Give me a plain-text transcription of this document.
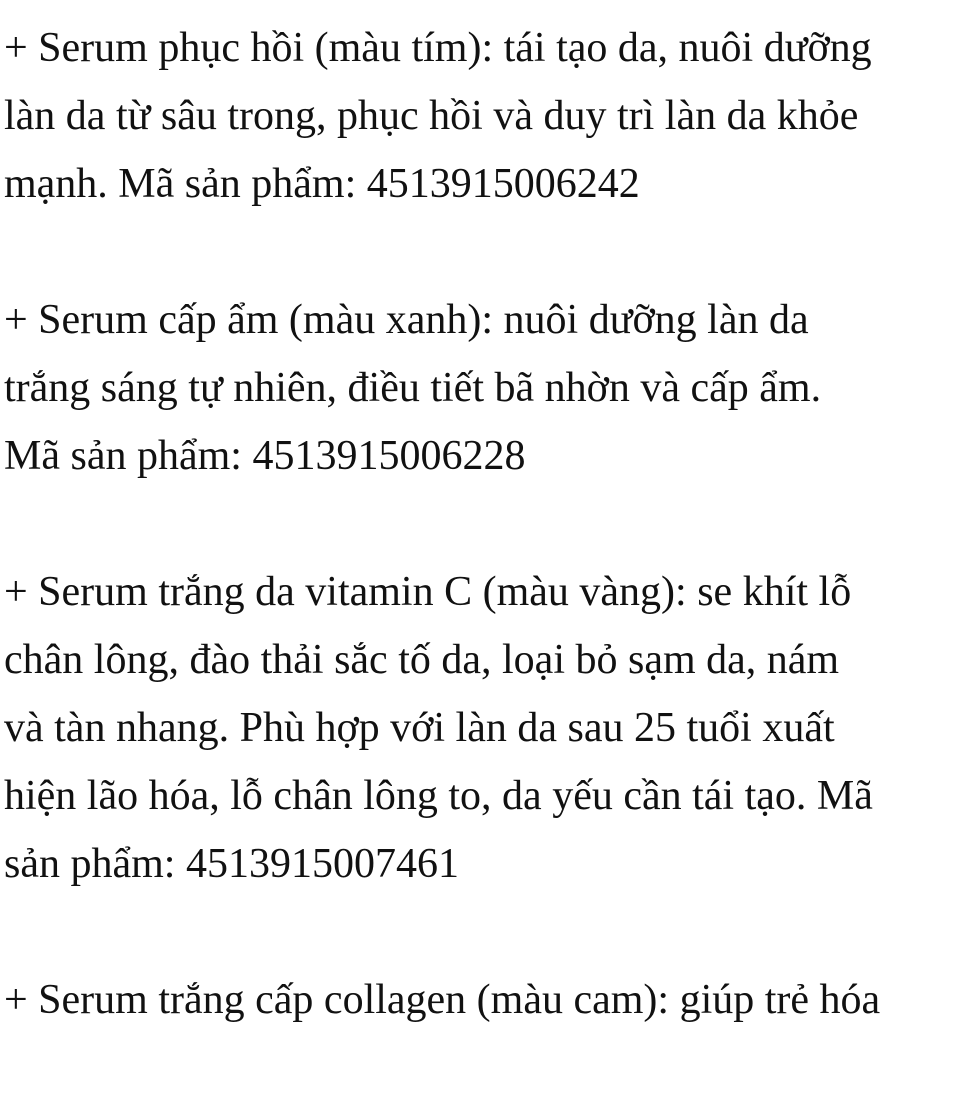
+ Serum phục hồi (màu tím): tái tạo da, nuôi dưỡng
làn da từ sâu trong, phục hồi và duy trì làn da khỏe
mạnh. Mã sản phẩm: 4513915006242

+ Serum cấp ẩm (màu xanh): nuôi dưỡng làn da
trắng sáng tự nhiên, điều tiết bã nhờn và cấp ẩm.
Mã sản phẩm: 4513915006228

+ Serum trắng da vitamin C (màu vàng): se khít lỗ
chân lông, đào thải sắc tố da, loại bỏ sạm da, nám
và tàn nhang. Phù hợp với làn da sau 25 tuổi xuất
hiện lão hóa, lỗ chân lông to, da yếu cần tái tạo. Mã
sản phẩm: 4513915007461

+ Serum trắng cấp collagen (màu cam): giúp trẻ hóa
